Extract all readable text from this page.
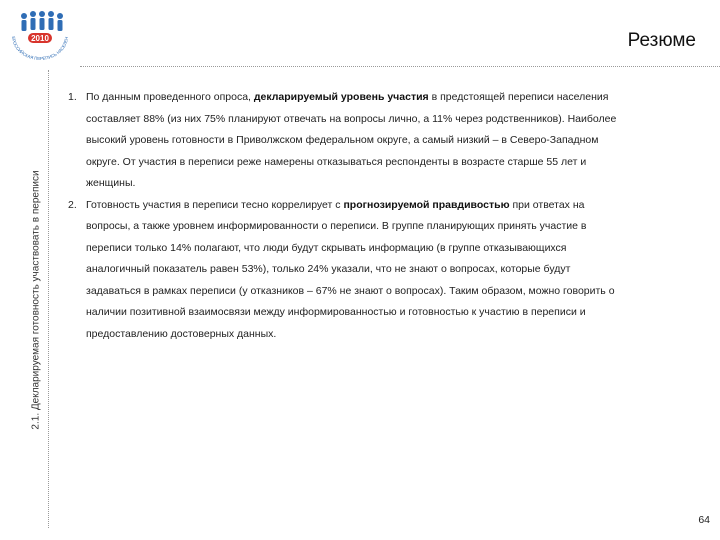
2010
ЕРОССИЙСКАЯ ПЕРЕПИСЬ НАСЕЛЕН	Резюме
2.1. Декларируемая готовность участвовать в переписи
1. По данным проведенного опроса, декларируемый уровень участия в предстоящей переписи населения составляет 88% (из них 75% планируют отвечать на вопросы лично, а 11% через родственников). Наиболее высокий уровень готовности в Приволжском федеральном округе, а самый низкий – в Северо-Западном округе. От участия в переписи реже намерены отказываться респонденты в возрасте старше 55 лет и женщины.
2. Готовность участия в переписи тесно коррелирует с прогнозируемой правдивостью при ответах на вопросы, а также уровнем информированности о переписи. В группе планирующих принять участие в переписи только 14% полагают, что люди будут скрывать информацию (в группе отказывающихся аналогичный показатель равен 53%), только 24% указали, что не знают о вопросах, которые будут задаваться в рамках переписи (у отказников – 67% не знают о вопросах). Таким образом, можно говорить о наличии позитивной взаимосвязи между информированностью и готовностью к участию в переписи и предоставлению достоверных данных.
64
